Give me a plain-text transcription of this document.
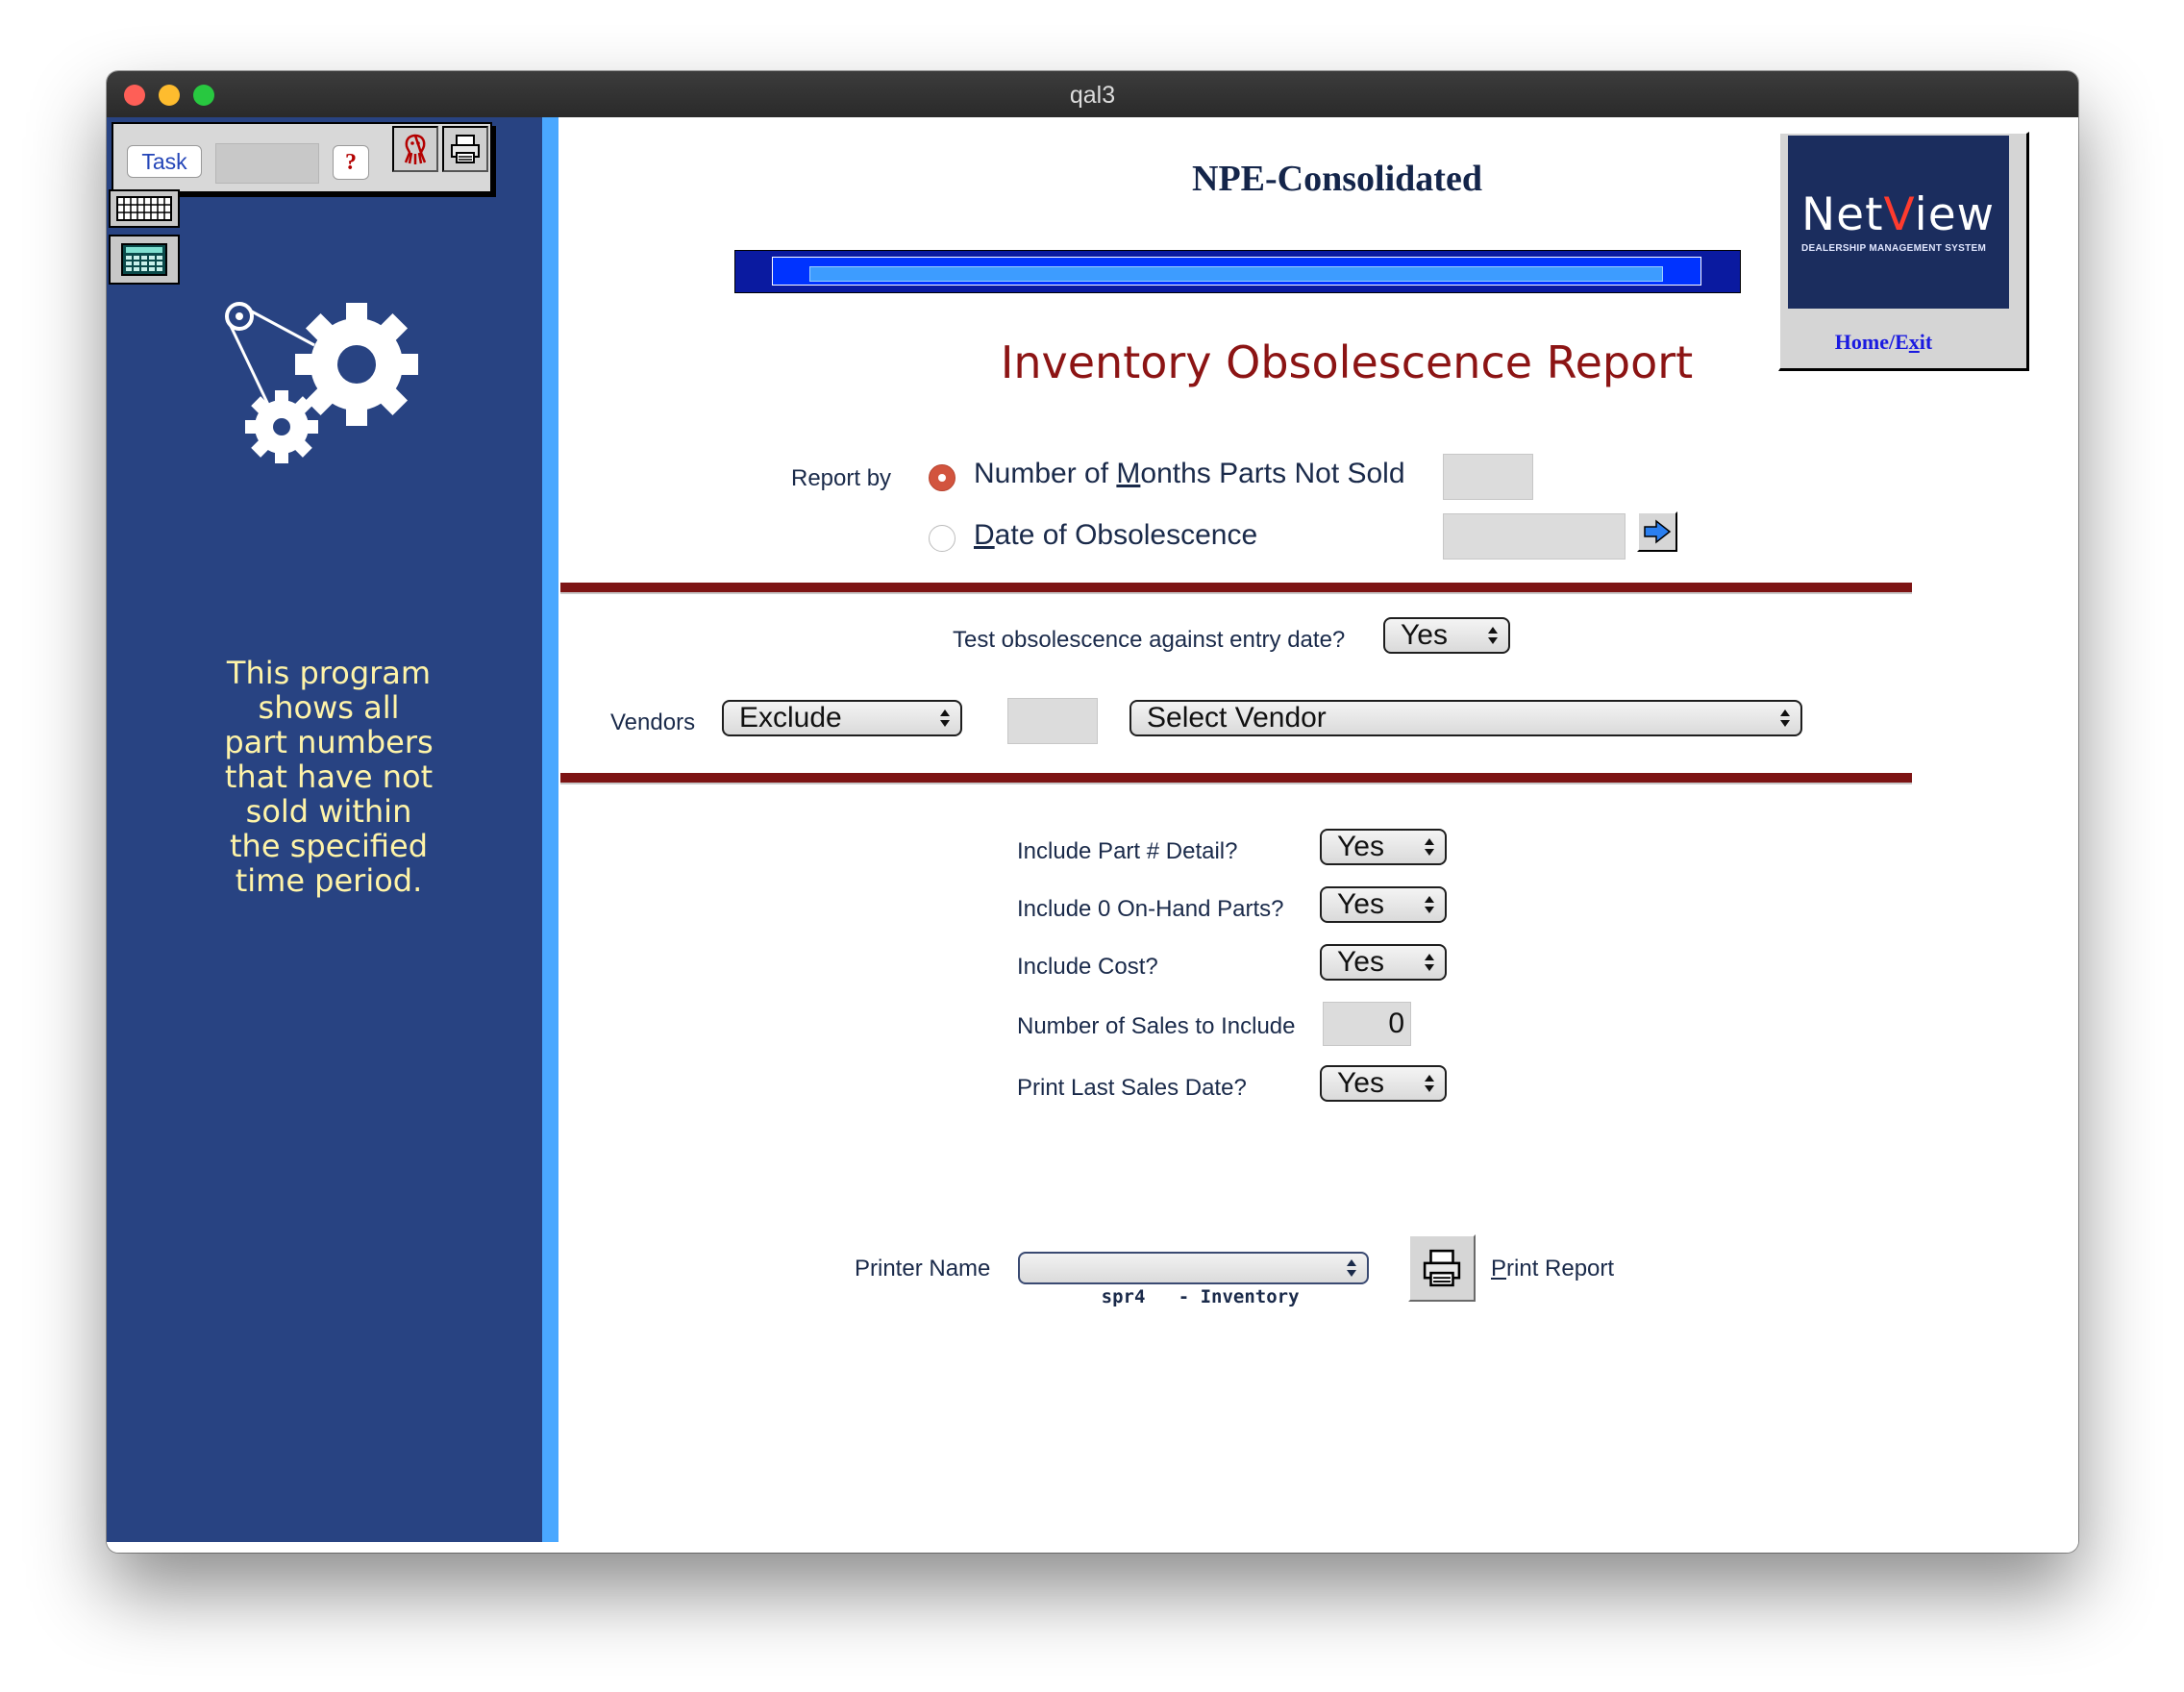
qal3
Task	?
This program shows all part numbers that have not sold within the specified time period.
NPE-Consolidated
NetView
DEALERSHIP MANAGEMENT SYSTEM
Home/Exit
Inventory Obsolescence Report
Report by	Number of Months Parts Not Sold
Date of Obsolescence
Test obsolescence against entry date?	Yes
Vendors	Exclude	Select Vendor
Include Part # Detail?	Yes
Include 0 On-Hand Parts?	Yes
Include Cost?	Yes
Number of Sales to Include	0
Print Last Sales Date?	Yes
Printer Name

spr4   - Inventory

Print Report
